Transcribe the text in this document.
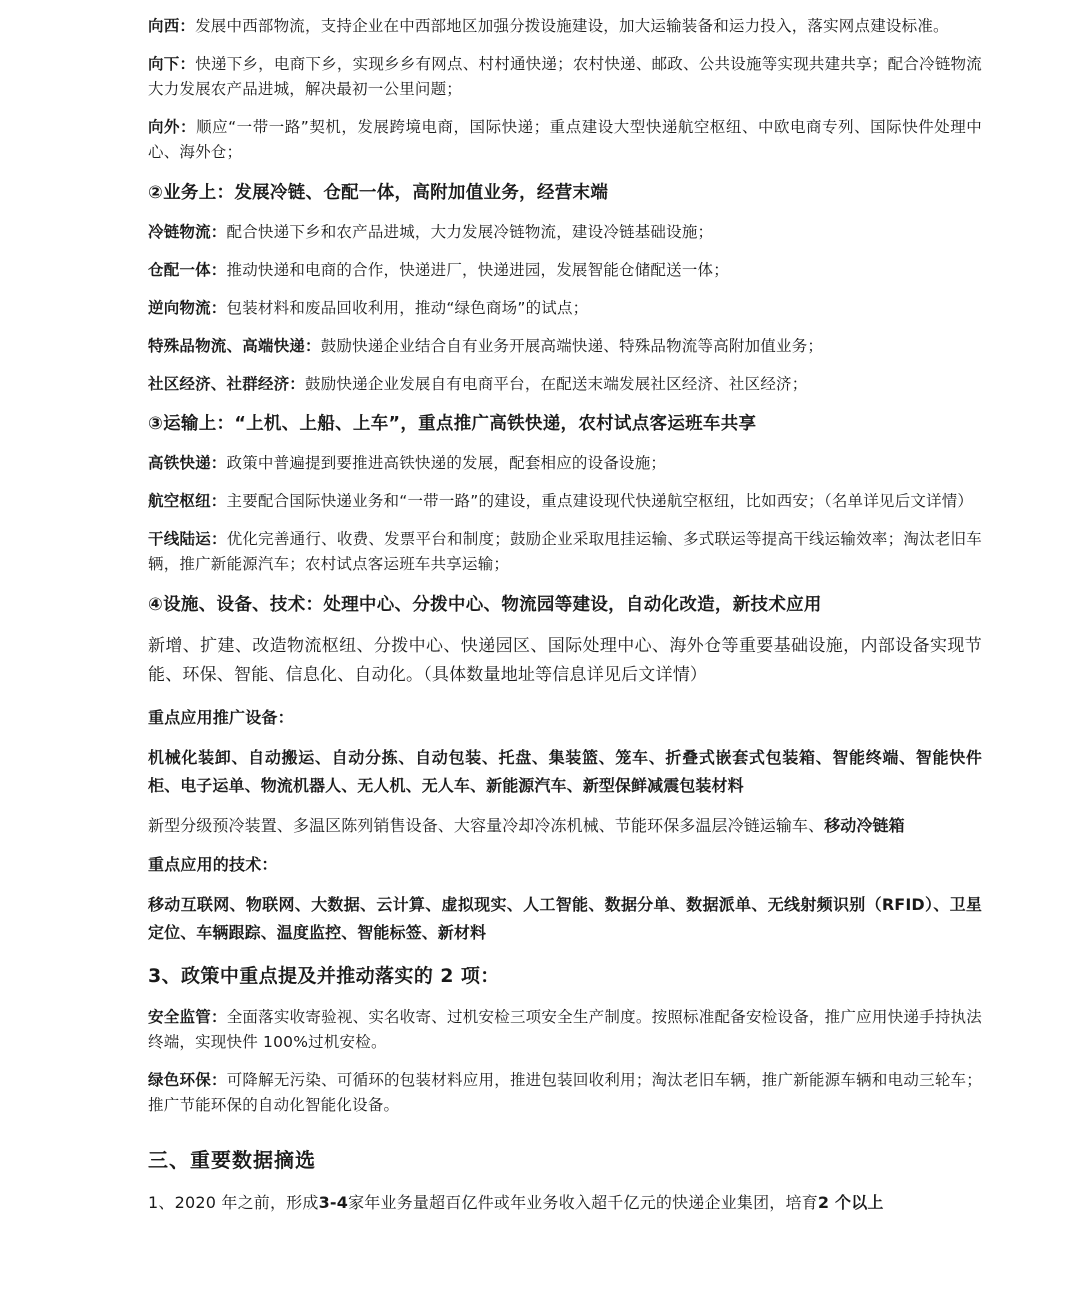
向西：发展中西部物流，支持企业在中西部地区加强分拨设施建设，加大运输装备和运力投入，落实网点建设标准。

向下：快递下乡，电商下乡，实现乡乡有网点、村村通快递；农村快递、邮政、公共设施等实现共建共享；配合冷链物流大力发展农产品进城，解决最初一公里问题；

向外：顺应“一带一路”契机，发展跨境电商，国际快递；重点建设大型快递航空枢纽、中欧电商专列、国际快件处理中心、海外仓；

②业务上：发展冷链、仓配一体，高附加值业务，经营末端

冷链物流：配合快递下乡和农产品进城，大力发展冷链物流，建设冷链基础设施；

仓配一体：推动快递和电商的合作，快递进厂，快递进园，发展智能仓储配送一体；

逆向物流：包装材料和废品回收利用，推动“绿色商场”的试点；

特殊品物流、高端快递：鼓励快递企业结合自有业务开展高端快递、特殊品物流等高附加值业务；

社区经济、社群经济：鼓励快递企业发展自有电商平台，在配送末端发展社区经济、社区经济；

③运输上：“上机、上船、上车”，重点推广高铁快递，农村试点客运班车共享

高铁快递：政策中普遍提到要推进高铁快递的发展，配套相应的设备设施；

航空枢纽：主要配合国际快递业务和“一带一路”的建设，重点建设现代快递航空枢纽，比如西安；（名单详见后文详情）

干线陆运：优化完善通行、收费、发票平台和制度；鼓励企业采取甩挂运输、多式联运等提高干线运输效率；淘汰老旧车辆，推广新能源汽车；农村试点客运班车共享运输；

④设施、设备、技术：处理中心、分拨中心、物流园等建设，自动化改造，新技术应用

新增、扩建、改造物流枢纽、分拨中心、快递园区、国际处理中心、海外仓等重要基础设施，内部设备实现节能、环保、智能、信息化、自动化。（具体数量地址等信息详见后文详情）

重点应用推广设备：

机械化装卸、自动搬运、自动分拣、自动包装、托盘、集装篮、笼车、折叠式嵌套式包装箱、智能终端、智能快件柜、电子运单、物流机器人、无人机、无人车、新能源汽车、新型保鲜减震包装材料

新型分级预冷装置、多温区陈列销售设备、大容量冷却冷冻机械、节能环保多温层冷链运输车、移动冷链箱

重点应用的技术：

移动互联网、物联网、大数据、云计算、虚拟现实、人工智能、数据分单、数据派单、无线射频识别（RFID）、卫星定位、车辆跟踪、温度监控、智能标签、新材料

3、政策中重点提及并推动落实的 2 项：

安全监管：全面落实收寄验视、实名收寄、过机安检三项安全生产制度。按照标准配备安检设备，推广应用快递手持执法终端，实现快件 100%过机安检。

绿色环保：可降解无污染、可循环的包装材料应用，推进包装回收利用；淘汰老旧车辆，推广新能源车辆和电动三轮车；推广节能环保的自动化智能化设备。

三、重要数据摘选

1、2020 年之前，形成3-4家年业务量超百亿件或年业务收入超千亿元的快递企业集团，培育2 个以上
